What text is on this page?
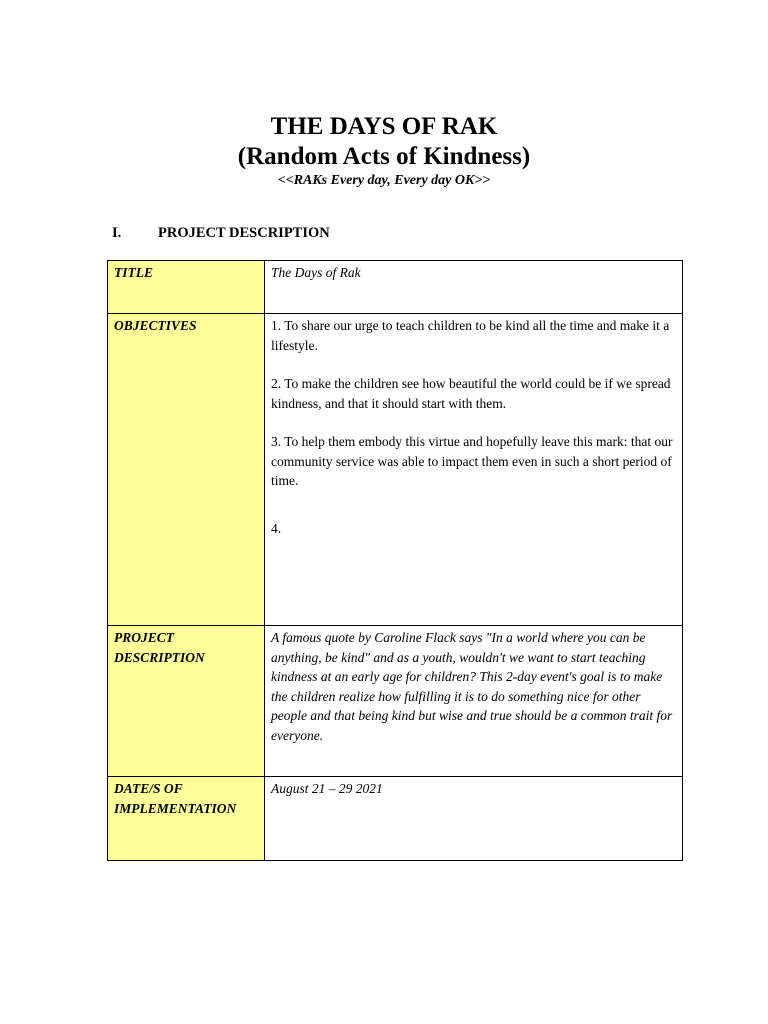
THE DAYS OF RAK
(Random Acts of Kindness)
<<RAKs Every day, Every day OK>>
I.	PROJECT DESCRIPTION
TITLE	The Days of Rak
OBJECTIVES	1. To share our urge to teach children to be kind all the time and make it a lifestyle.

2. To make the children see how beautiful the world could be if we spread kindness, and that it should start with them.

3. To help them embody this virtue and hopefully leave this mark: that our community service was able to impact them even in such a short period of time.

4.

PROJECT DESCRIPTION	A famous quote by Caroline Flack says "In a world where you can be anything, be kind" and as a youth, wouldn't we want to start teaching kindness at an early age for children? This 2-day event's goal is to make the children realize how fulfilling it is to do something nice for other people and that being kind but wise and true should be a common trait for everyone.
DATE/S OF IMPLEMENTATION	August 21 – 29 2021
